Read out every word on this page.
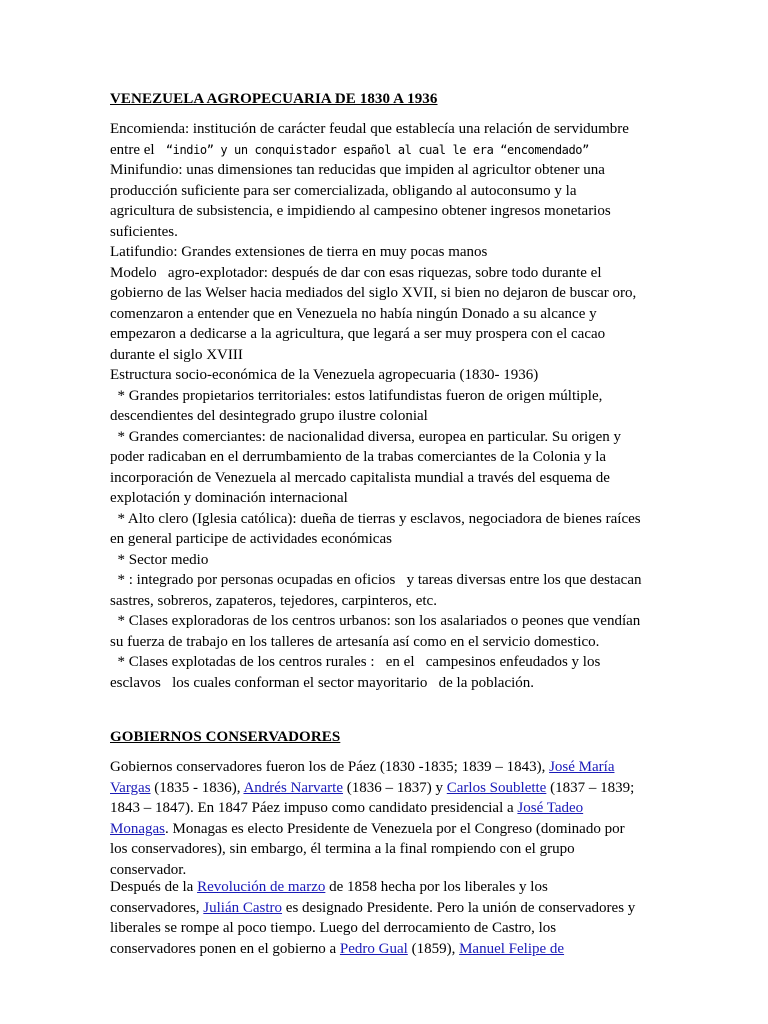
VENEZUELA AGROPECUARIA DE 1830 A 1936
Encomienda: institución de carácter feudal que establecía una relación de servidumbre
entre el   “indio” y un conquistador español al cual le era “encomendado”
Minifundio: unas dimensiones tan reducidas que impiden al agricultor obtener una
producción suficiente para ser comercializada, obligando al autoconsumo y la
agricultura de subsistencia, e impidiendo al campesino obtener ingresos monetarios
suficientes.
Latifundio: Grandes extensiones de tierra en muy pocas manos
Modelo   agro-explotador: después de dar con esas riquezas, sobre todo durante el
gobierno de las Welser hacia mediados del siglo XVII, si bien no dejaron de buscar oro,
comenzaron a entender que en Venezuela no había ningún Donado a su alcance y
empezaron a dedicarse a la agricultura, que legará a ser muy prospera con el cacao
durante el siglo XVIII
Estructura socio-económica de la Venezuela agropecuaria (1830- 1936)
* Grandes propietarios territoriales: estos latifundistas fueron de origen múltiple,
descendientes del desintegrado grupo ilustre colonial
* Grandes comerciantes: de nacionalidad diversa, europea en particular. Su origen y
poder radicaban en el derrumbamiento de la trabas comerciantes de la Colonia y la
incorporación de Venezuela al mercado capitalista mundial a través del esquema de
explotación y dominación internacional
* Alto clero (Iglesia católica): dueña de tierras y esclavos, negociadora de bienes raíces
en general participe de actividades económicas
* Sector medio
* : integrado por personas ocupadas en oficios   y tareas diversas entre los que destacan
sastres, sobreros, zapateros, tejedores, carpinteros, etc.
* Clases exploradoras de los centros urbanos: son los asalariados o peones que vendían
su fuerza de trabajo en los talleres de artesanía así como en el servicio domestico.
* Clases explotadas de los centros rurales :   en el   campesinos enfeudados y los
esclavos   los cuales conforman el sector mayoritario   de la población.
GOBIERNOS CONSERVADORES
Gobiernos conservadores fueron los de Páez (1830 -1835; 1839 – 1843), José María
Vargas (1835 - 1836), Andrés Narvarte (1836 – 1837) y Carlos Soublette (1837 – 1839;
1843 – 1847). En 1847 Páez impuso como candidato presidencial a José Tadeo
Monagas. Monagas es electo Presidente de Venezuela por el Congreso (dominado por
los conservadores), sin embargo, él termina a la final rompiendo con el grupo
conservador.
Después de la Revolución de marzo de 1858 hecha por los liberales y los
conservadores, Julián Castro es designado Presidente. Pero la unión de conservadores y
liberales se rompe al poco tiempo. Luego del derrocamiento de Castro, los
conservadores ponen en el gobierno a Pedro Gual (1859), Manuel Felipe de
